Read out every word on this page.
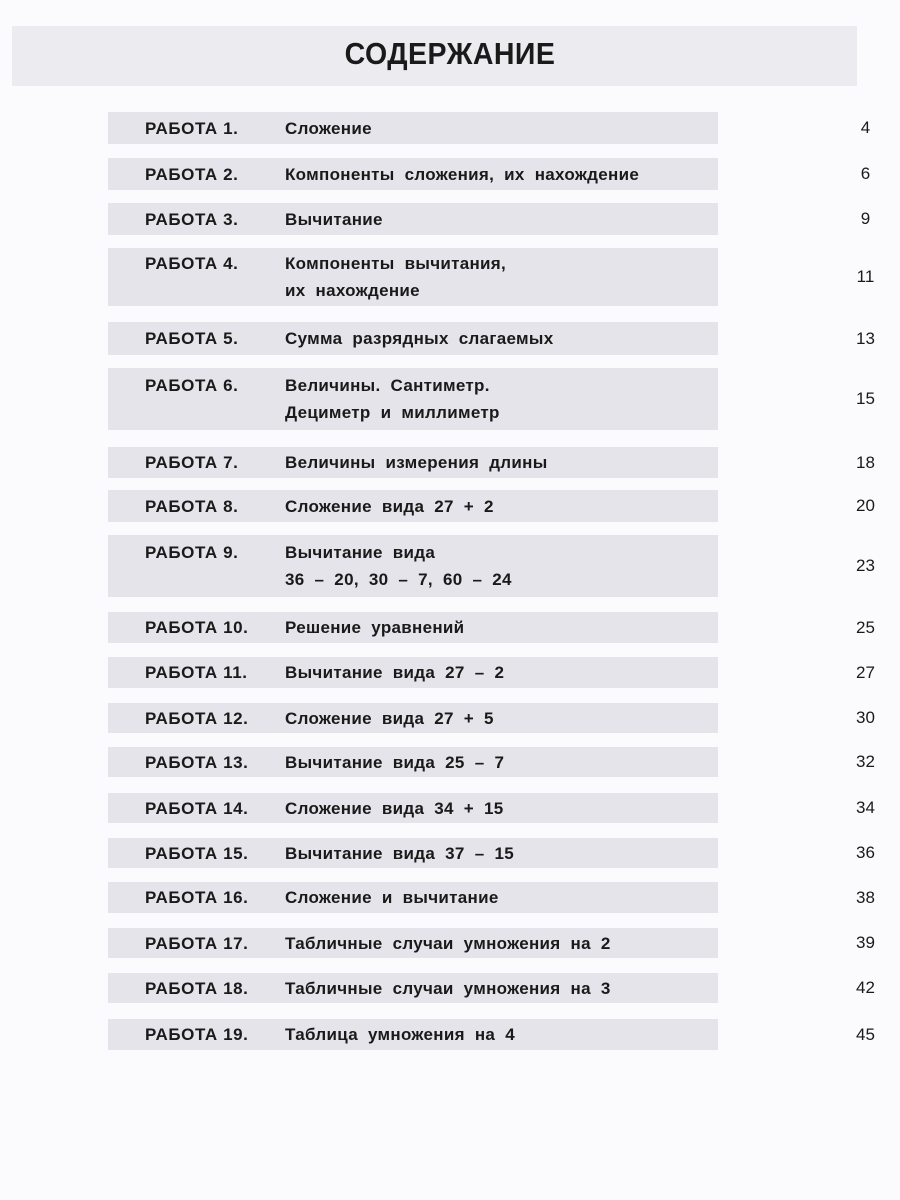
СОДЕРЖАНИЕ
РАБОТА 1.	Сложение	4
РАБОТА 2.	Компоненты сложения, их нахождение	6
РАБОТА 3.	Вычитание	9
РАБОТА 4.	Компоненты вычитания,
их нахождение
11
РАБОТА 5.	Сумма разрядных слагаемых	13
РАБОТА 6.	Величины. Сантиметр.
Дециметр и миллиметр
15
РАБОТА 7.	Величины измерения длины	18
РАБОТА 8.	Сложение вида 27 + 2	20
РАБОТА 9.	Вычитание вида
36 – 20, 30 – 7, 60 – 24
23
РАБОТА 10. Решение уравнений	25
РАБОТА 11. Вычитание вида 27 – 2	27
РАБОТА 12. Сложение вида 27 + 5	30
РАБОТА 13. Вычитание вида 25 – 7	32
РАБОТА 14. Сложение вида 34 + 15	34
РАБОТА 15. Вычитание вида 37 – 15	36
РАБОТА 16. Сложение и вычитание	38
РАБОТА 17. Табличные случаи умножения на 2	39
РАБОТА 18. Табличные случаи умножения на 3	42
РАБОТА 19. Таблица умножения на 4	45
